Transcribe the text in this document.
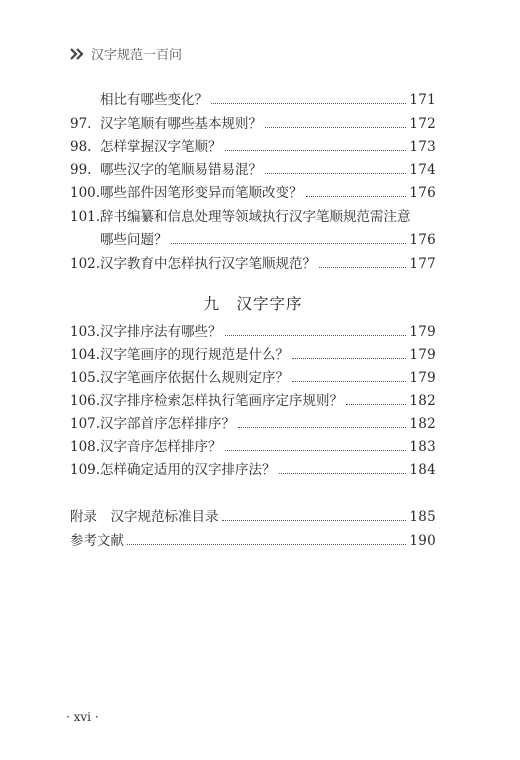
汉字规范一百问
相比有哪些变化？	171
97. 汉字笔顺有哪些基本规则？	172
98. 怎样掌握汉字笔顺？	173
99. 哪些汉字的笔顺易错易混？	174
100. 哪些部件因笔形变异而笔顺改变？	176
101. 辞书编纂和信息处理等领域执行汉字笔顺规范需注意
哪些问题？	176
102. 汉字教育中怎样执行汉字笔顺规范？	177
九　汉字字序
103. 汉字排序法有哪些？	179
104. 汉字笔画序的现行规范是什么？	179
105. 汉字笔画序依据什么规则定序？	179
106. 汉字排序检索怎样执行笔画序定序规则？	182
107. 汉字部首序怎样排序？	182
108. 汉字音序怎样排序？	183
109. 怎样确定适用的汉字排序法？	184
附录　汉字规范标准目录	185
参考文献	190
· xvi ·
